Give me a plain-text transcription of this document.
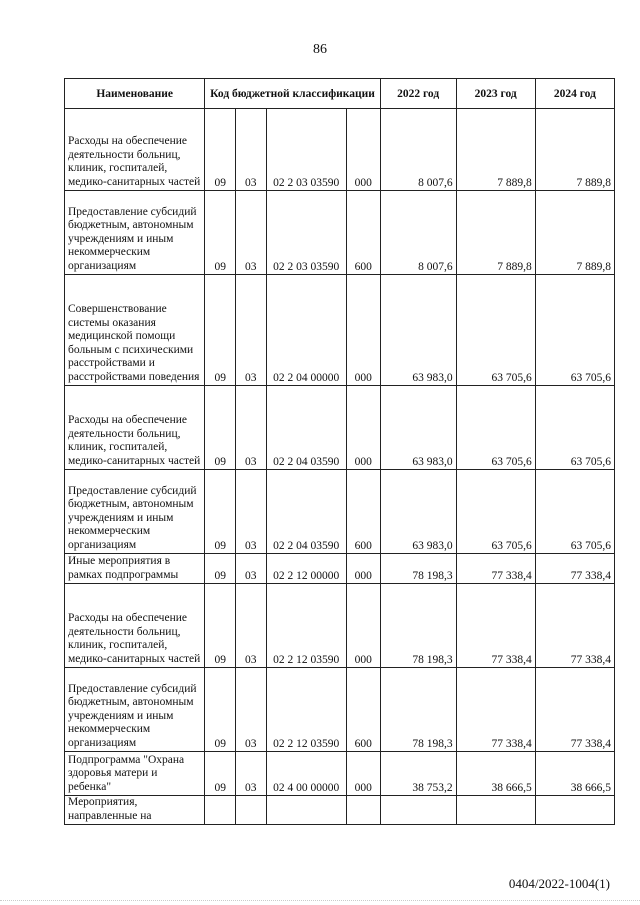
86
Наименование	Код бюджетной классификации				2022 год	2023 год	2024 год
Расходы на обеспечение деятельности больниц, клиник, госпиталей, медико-санитарных частей	09	03	02 2 03 03590	000	8 007,6	7 889,8	7 889,8
Предоставление субсидий бюджетным, автономным учреждениям и иным некоммерческим организациям	09	03	02 2 03 03590	600	8 007,6	7 889,8	7 889,8
Совершенствование системы оказания медицинской помощи больным с психическими расстройствами и расстройствами поведения	09	03	02 2 04 00000	000	63 983,0	63 705,6	63 705,6
Расходы на обеспечение деятельности больниц, клиник, госпиталей, медико-санитарных частей	09	03	02 2 04 03590	000	63 983,0	63 705,6	63 705,6
Предоставление субсидий бюджетным, автономным учреждениям и иным некоммерческим организациям	09	03	02 2 04 03590	600	63 983,0	63 705,6	63 705,6
Иные мероприятия в рамках подпрограммы	09	03	02 2 12 00000	000	78 198,3	77 338,4	77 338,4
Расходы на обеспечение деятельности больниц, клиник, госпиталей, медико-санитарных частей	09	03	02 2 12 03590	000	78 198,3	77 338,4	77 338,4
Предоставление субсидий бюджетным, автономным учреждениям и иным некоммерческим организациям	09	03	02 2 12 03590	600	78 198,3	77 338,4	77 338,4
Подпрограмма "Охрана здоровья матери и ребенка"	09	03	02 4 00 00000	000	38 753,2	38 666,5	38 666,5
Мероприятия, направленные на							
0404/2022-1004(1)
